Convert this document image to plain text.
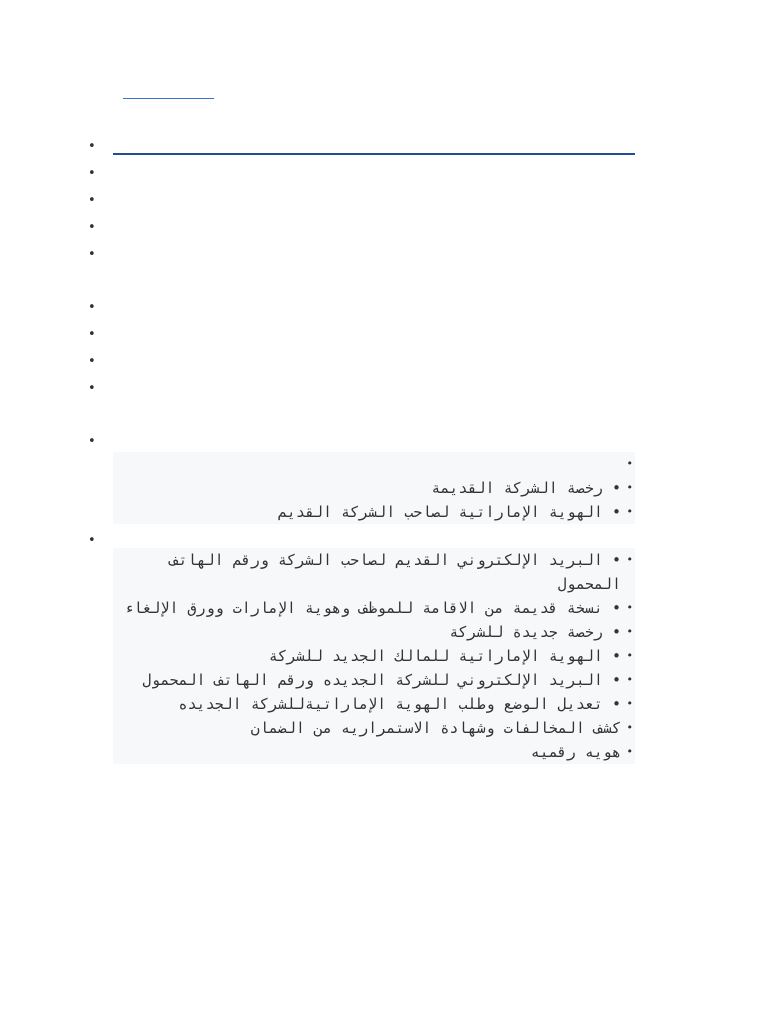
•
•
•
•
•
•
•
•
•
•
•
•
• رخصة الشركة القديمة
•
• الهوية الإماراتية لصاحب الشركة القديم
•
•
• البريد الإلكتروني القديم لصاحب الشركة ورقم الهاتف المحمول
•
• نسخة قديمة من الاقامة للموظف وهوية الإمارات وورق الإلغاء
•
• رخصة جديدة للشركة
•
• الهوية الإماراتية للمالك الجديد للشركة
•
• البريد الإلكتروني للشركة الجديده ورقم الهاتف المحمول
•
• تعديل الوضع وطلب الهوية الإماراتيةللشركة الجديده
•
كشف المخالفات وشهادة الاستمراريه من الضمان
•
هويه رقميه
